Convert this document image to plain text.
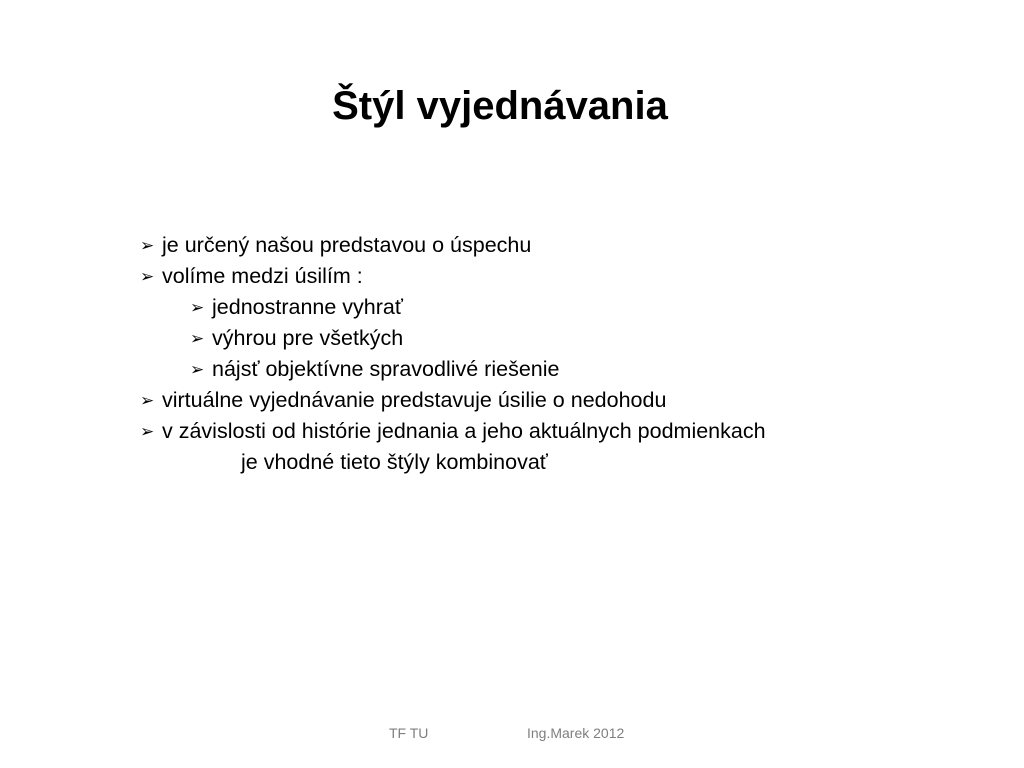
Štýl vyjednávania
➢ je určený našou predstavou o úspechu
➢ volíme medzi úsilím :
➢ jednostranne vyhrať
➢ výhrou pre všetkých
➢ nájsť objektívne spravodlivé riešenie
➢ virtuálne vyjednávanie predstavuje úsilie o nedohodu
➢ v závislosti od histórie jednania a jeho aktuálnych podmienkach
je vhodné tieto štýly kombinovať
TF TU	Ing.Marek 2012
